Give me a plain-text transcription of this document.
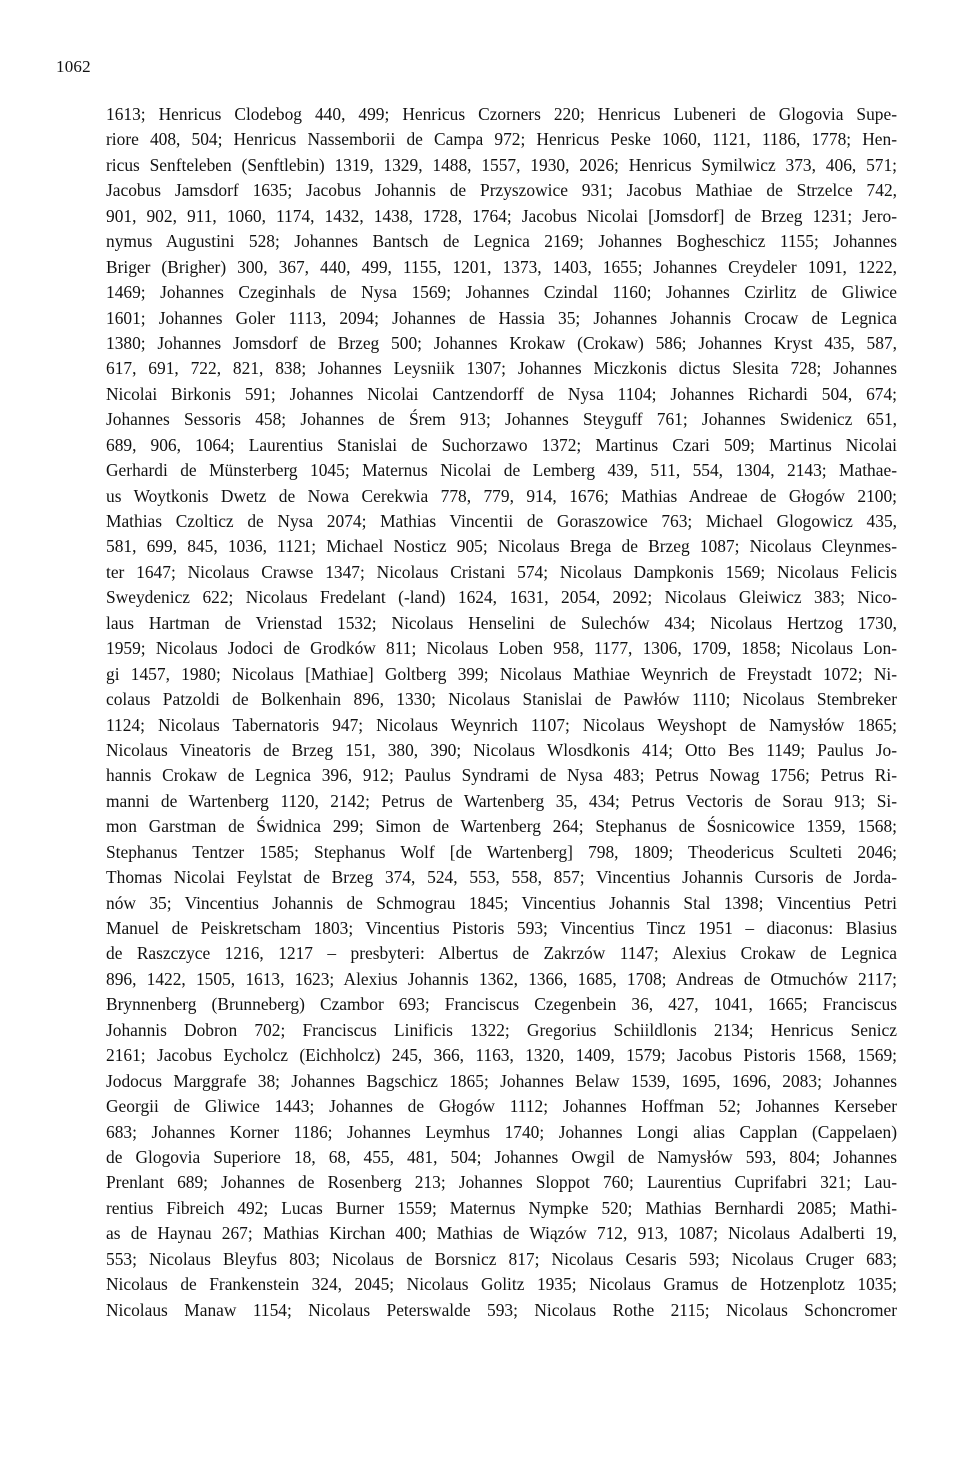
1062
1613; Henricus Clodebog 440, 499; Henricus Czorners 220; Henricus Lubeneri de Glogovia Supe-
riore 408, 504; Henricus Nassemborii de Campa 972; Henricus Peske 1060, 1121, 1186, 1778; Hen-
ricus Senfteleben (Senftlebin) 1319, 1329, 1488, 1557, 1930, 2026; Henricus Symilwicz 373, 406, 571;
Jacobus Jamsdorf 1635; Jacobus Johannis de Przyszowice 931; Jacobus Mathiae de Strzelce 742,
901, 902, 911, 1060, 1174, 1432, 1438, 1728, 1764; Jacobus Nicolai [Jomsdorf] de Brzeg 1231; Jero-
nymus Augustini 528; Johannes Bantsch de Legnica 2169; Johannes Bogheschicz 1155; Johannes
Briger (Brigher) 300, 367, 440, 499, 1155, 1201, 1373, 1403, 1655; Johannes Creydeler 1091, 1222,
1469; Johannes Czeginhals de Nysa 1569; Johannes Czindal 1160; Johannes Czirlitz de Gliwice
1601; Johannes Goler 1113, 2094; Johannes de Hassia 35; Johannes Johannis Crocaw de Legnica
1380; Johannes Jomsdorf de Brzeg 500; Johannes Krokaw (Crokaw) 586; Johannes Kryst 435, 587,
617, 691, 722, 821, 838; Johannes Leysniik 1307; Johannes Miczkonis dictus Slesita 728; Johannes
Nicolai Birkonis 591; Johannes Nicolai Cantzendorff de Nysa 1104; Johannes Richardi 504, 674;
Johannes Sessoris 458; Johannes de Śrem 913; Johannes Steyguff 761; Johannes Swidenicz 651,
689, 906, 1064; Laurentius Stanislai de Suchorzawo 1372; Martinus Czari 509; Martinus Nicolai
Gerhardi de Münsterberg 1045; Maternus Nicolai de Lemberg 439, 511, 554, 1304, 2143; Mathae-
us Woytkonis Dwetz de Nowa Cerekwia 778, 779, 914, 1676; Mathias Andreae de Głogów 2100;
Mathias Czolticz de Nysa 2074; Mathias Vincentii de Goraszowice 763; Michael Glogowicz 435,
581, 699, 845, 1036, 1121; Michael Nosticz 905; Nicolaus Brega de Brzeg 1087; Nicolaus Cleynmes-
ter 1647; Nicolaus Crawse 1347; Nicolaus Cristani 574; Nicolaus Dampkonis 1569; Nicolaus Felicis
Sweydenicz 622; Nicolaus Fredelant (-land) 1624, 1631, 2054, 2092; Nicolaus Gleiwicz 383; Nico-
laus Hartman de Vrienstad 1532; Nicolaus Henselini de Sulechów 434; Nicolaus Hertzog 1730,
1959; Nicolaus Jodoci de Grodków 811; Nicolaus Loben 958, 1177, 1306, 1709, 1858; Nicolaus Lon-
gi 1457, 1980; Nicolaus [Mathiae] Goltberg 399; Nicolaus Mathiae Weynrich de Freystadt 1072; Ni-
colaus Patzoldi de Bolkenhain 896, 1330; Nicolaus Stanislai de Pawłów 1110; Nicolaus Stembreker
1124; Nicolaus Tabernatoris 947; Nicolaus Weynrich 1107; Nicolaus Weyshopt de Namysłów 1865;
Nicolaus Vineatoris de Brzeg 151, 380, 390; Nicolaus Wlosdkonis 414; Otto Bes 1149; Paulus Jo-
hannis Crokaw de Legnica 396, 912; Paulus Syndrami de Nysa 483; Petrus Nowag 1756; Petrus Ri-
manni de Wartenberg 1120, 2142; Petrus de Wartenberg 35, 434; Petrus Vectoris de Sorau 913; Si-
mon Garstman de Świdnica 299; Simon de Wartenberg 264; Stephanus de Śosnicowice 1359, 1568;
Stephanus Tentzer 1585; Stephanus Wolf [de Wartenberg] 798, 1809; Theodericus Sculteti 2046;
Thomas Nicolai Feylstat de Brzeg 374, 524, 553, 558, 857; Vincentius Johannis Cursoris de Jorda-
nów 35; Vincentius Johannis de Schmograu 1845; Vincentius Johannis Stal 1398; Vincentius Petri
Manuel de Peiskretscham 1803; Vincentius Pistoris 593; Vincentius Tincz 1951 – diaconus: Blasius
de Raszczyce 1216, 1217 – presbyteri: Albertus de Zakrzów 1147; Alexius Crokaw de Legnica
896, 1422, 1505, 1613, 1623; Alexius Johannis 1362, 1366, 1685, 1708; Andreas de Otmuchów 2117;
Brynnenberg (Brunneberg) Czambor 693; Franciscus Czegenbein 36, 427, 1041, 1665; Franciscus
Johannis Dobron 702; Franciscus Linificis 1322; Gregorius Schiildlonis 2134; Henricus Senicz
2161; Jacobus Eycholcz (Eichholcz) 245, 366, 1163, 1320, 1409, 1579; Jacobus Pistoris 1568, 1569;
Jodocus Marggrafe 38; Johannes Bagschicz 1865; Johannes Belaw 1539, 1695, 1696, 2083; Johannes
Georgii de Gliwice 1443; Johannes de Głogów 1112; Johannes Hoffman 52; Johannes Kerseber
683; Johannes Korner 1186; Johannes Leymhus 1740; Johannes Longi alias Capplan (Cappelaen)
de Glogovia Superiore 18, 68, 455, 481, 504; Johannes Owgil de Namysłów 593, 804; Johannes
Prenlant 689; Johannes de Rosenberg 213; Johannes Sloppot 760; Laurentius Cuprifabri 321; Lau-
rentius Fibreich 492; Lucas Burner 1559; Maternus Nympke 520; Mathias Bernhardi 2085; Mathi-
as de Haynau 267; Mathias Kirchan 400; Mathias de Wiązów 712, 913, 1087; Nicolaus Adalberti 19,
553; Nicolaus Bleyfus 803; Nicolaus de Borsnicz 817; Nicolaus Cesaris 593; Nicolaus Cruger 683;
Nicolaus de Frankenstein 324, 2045; Nicolaus Golitz 1935; Nicolaus Gramus de Hotzenplotz 1035;
Nicolaus Manaw 1154; Nicolaus Peterswalde 593; Nicolaus Rothe 2115; Nicolaus Schoncromer
